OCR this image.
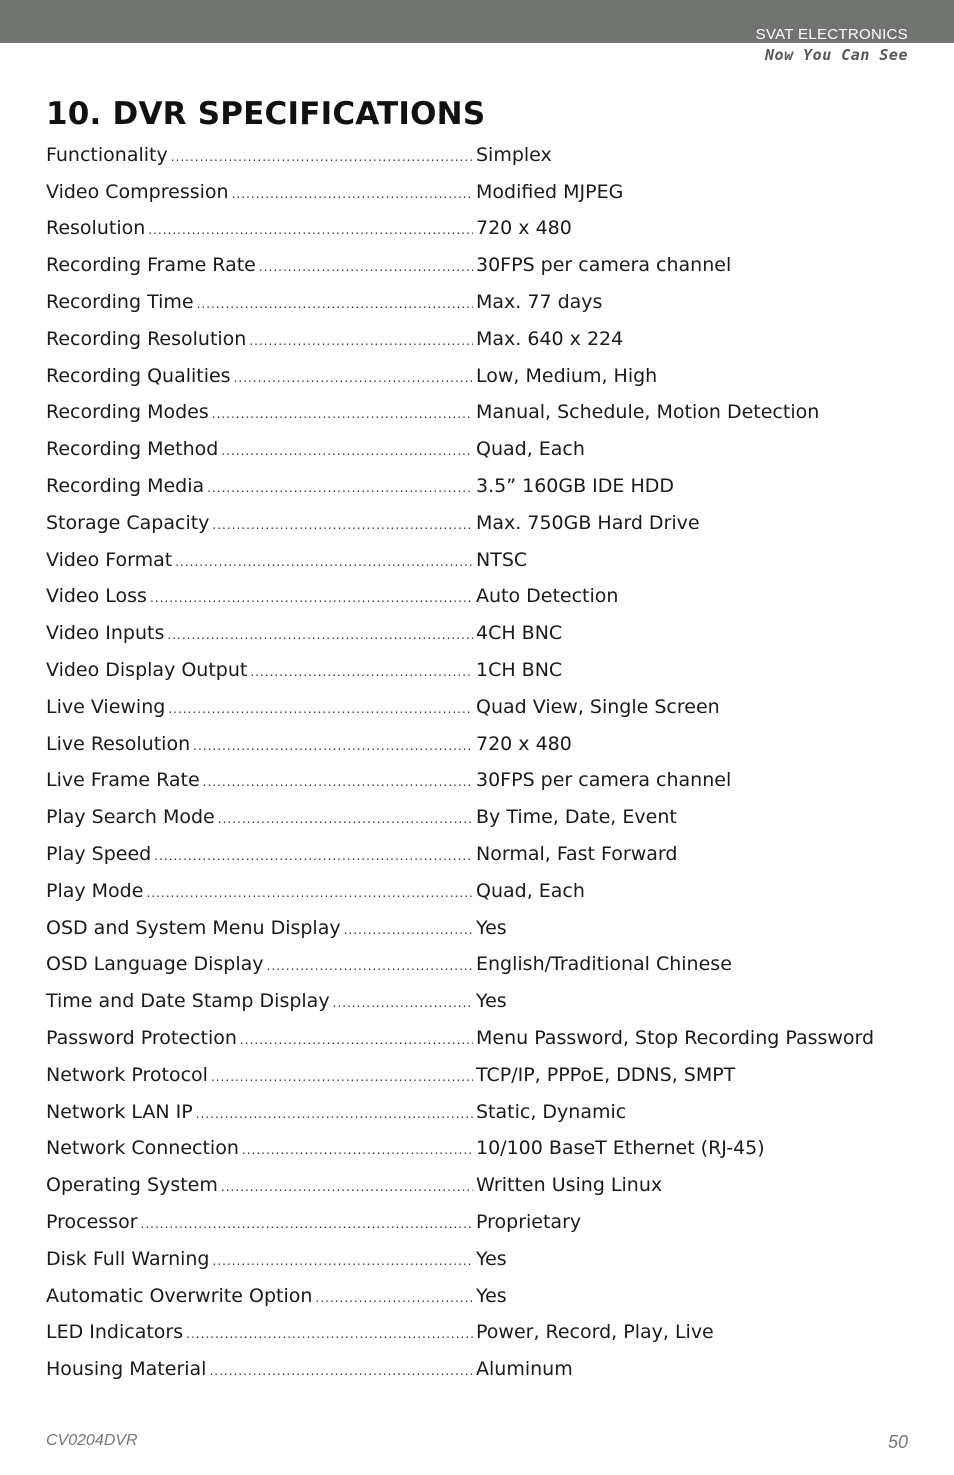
SVAT ELECTRONICS
Now You Can See
10. DVR SPECIFICATIONS
Functionality .....	Simplex
Video Compression .....	Modified MJPEG
Resolution .....	720 x 480
Recording Frame Rate .....	30FPS per camera channel
Recording Time .....	Max. 77 days
Recording Resolution .....	Max. 640 x 224
Recording Qualities .....	Low, Medium, High
Recording Modes .....	Manual, Schedule, Motion Detection
Recording Method .....	Quad, Each
Recording Media .....	3.5” 160GB IDE HDD
Storage Capacity .....	Max. 750GB Hard Drive
Video Format .....	NTSC
Video Loss .....	Auto Detection
Video Inputs .....	4CH BNC
Video Display Output .....	1CH BNC
Live Viewing .....	Quad View, Single Screen
Live Resolution .....	720 x 480
Live Frame Rate .....	30FPS per camera channel
Play Search Mode .....	By Time, Date, Event
Play Speed .....	Normal, Fast Forward
Play Mode .....	Quad, Each
OSD and System Menu Display .....	Yes
OSD Language Display .....	English/Traditional Chinese
Time and Date Stamp Display .....	Yes
Password Protection .....	Menu Password, Stop Recording Password
Network Protocol .....	TCP/IP, PPPoE, DDNS, SMPT
Network LAN IP .....	Static, Dynamic
Network Connection .....	10/100 BaseT Ethernet (RJ-45)
Operating System .....	Written Using Linux
Processor .....	Proprietary
Disk Full Warning .....	Yes
Automatic Overwrite Option .....	Yes
LED Indicators .....	Power, Record, Play, Live
Housing Material .....	Aluminum
CV0204DVR	50
